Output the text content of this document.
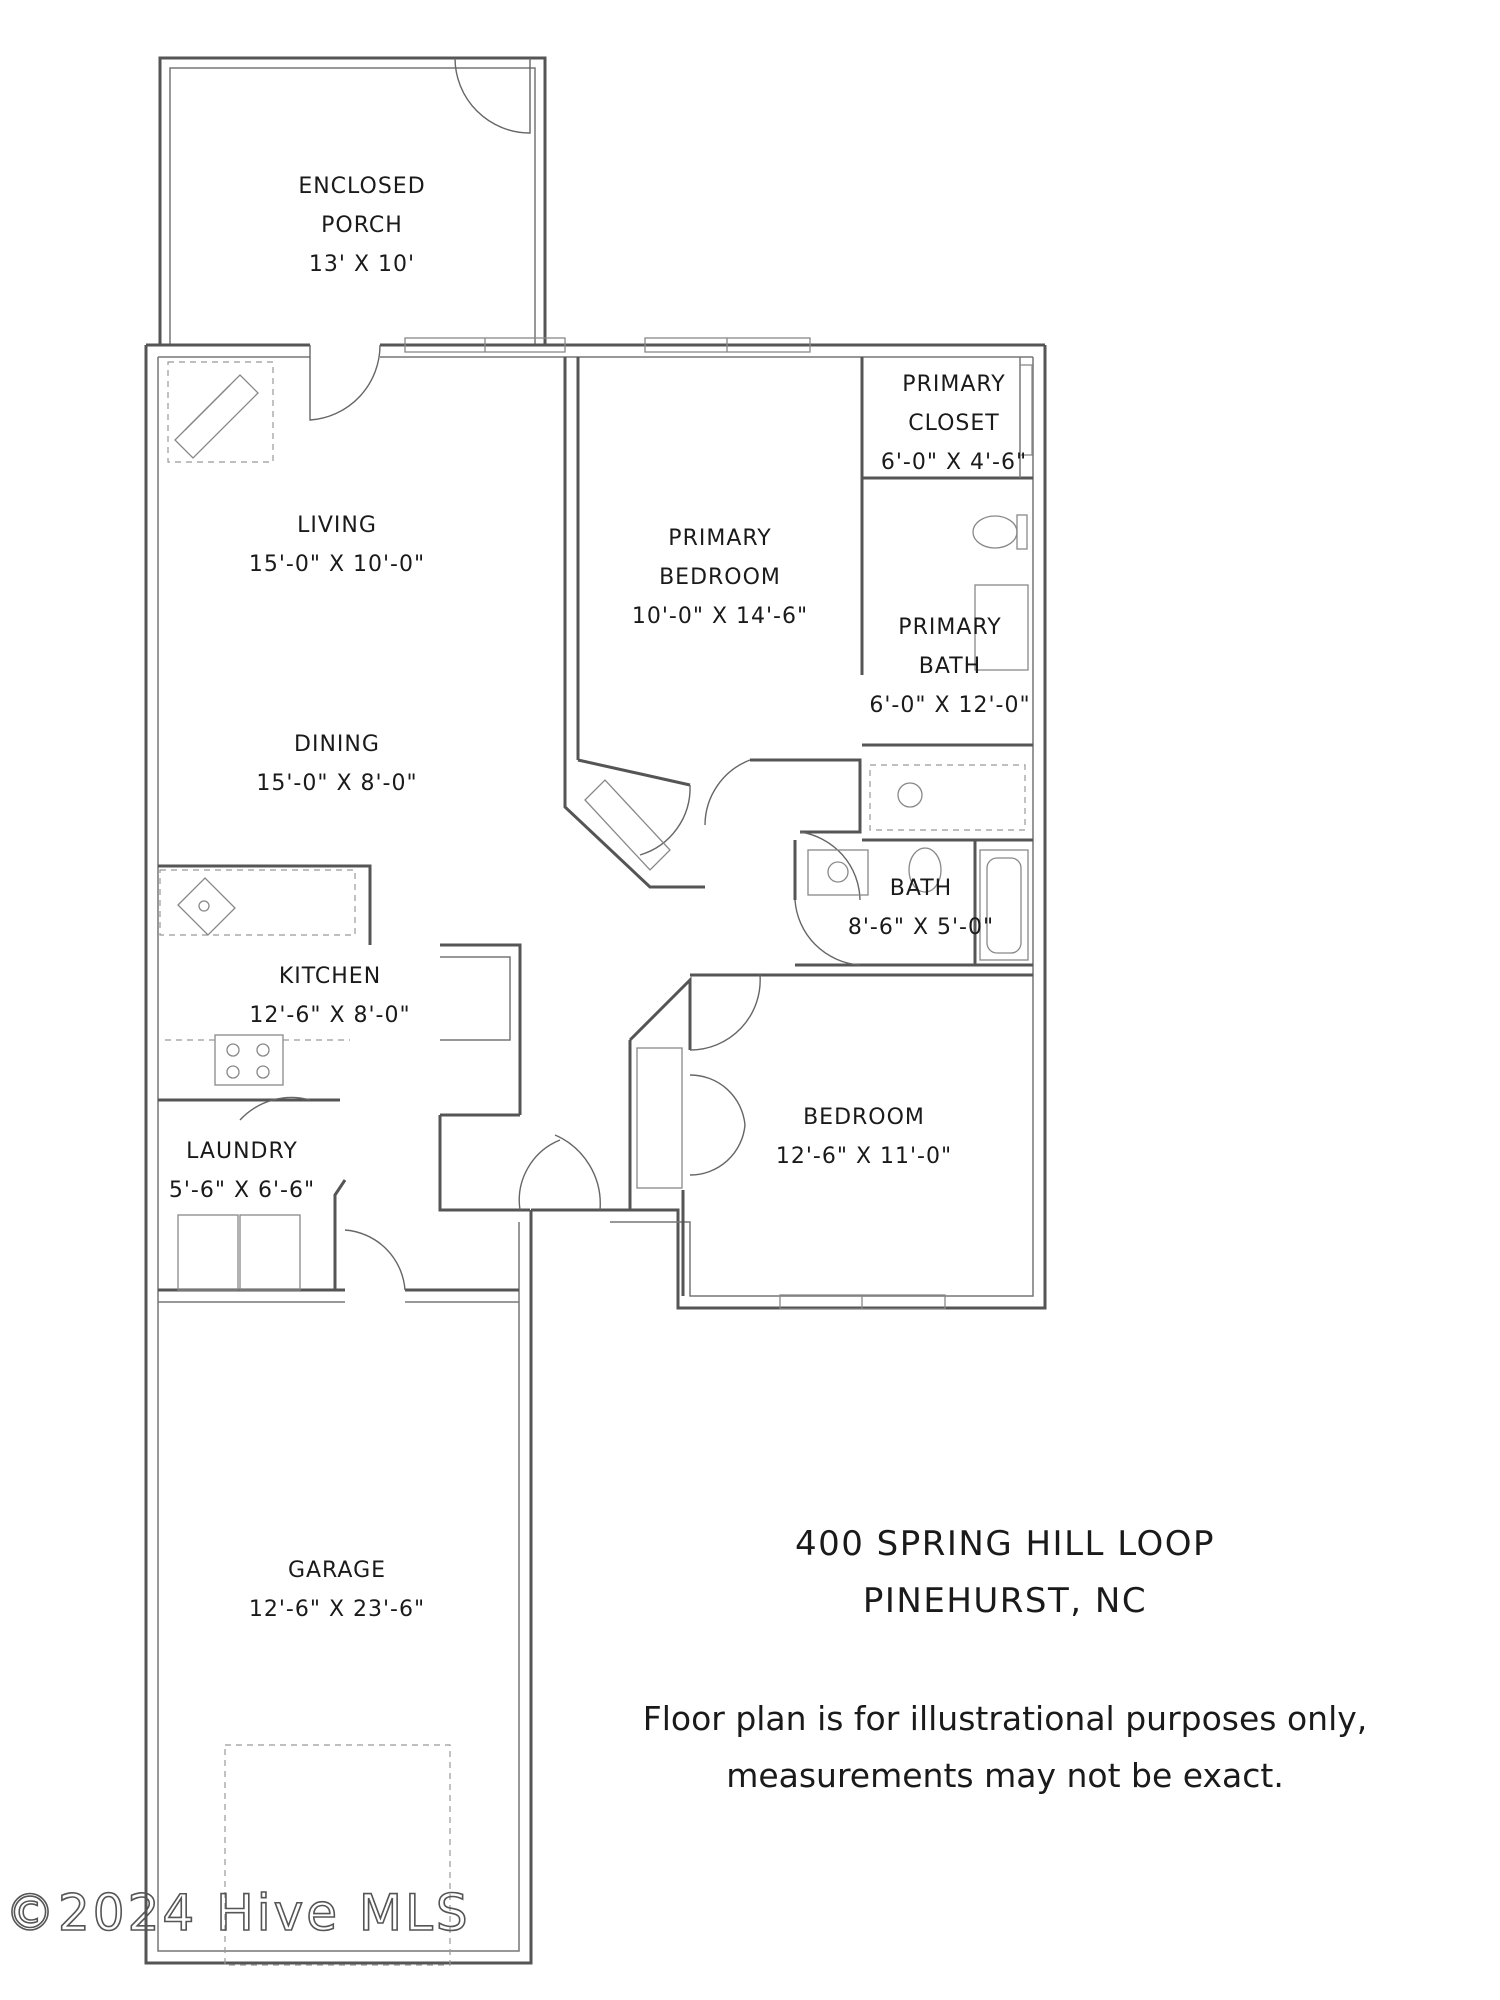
ENCLOSED
PORCH
13' X 10'
LIVING
15'-0" X 10'-0"
DINING
15'-0" X 8'-0"
KITCHEN
12'-6" X 8'-0"
LAUNDRY
5'-6" X 6'-6"
GARAGE
12'-6" X 23'-6"
PRIMARY
BEDROOM
10'-0" X 14'-6"
PRIMARY
CLOSET
6'-0" X 4'-6"
PRIMARY
BATH
6'-0" X 12'-0"
BATH
8'-6" X 5'-0"
BEDROOM
12'-6" X 11'-0"
400 SPRING HILL LOOP
PINEHURST, NC
Floor plan is for illustrational purposes only,
measurements may not be exact.
©2024 Hive MLS
